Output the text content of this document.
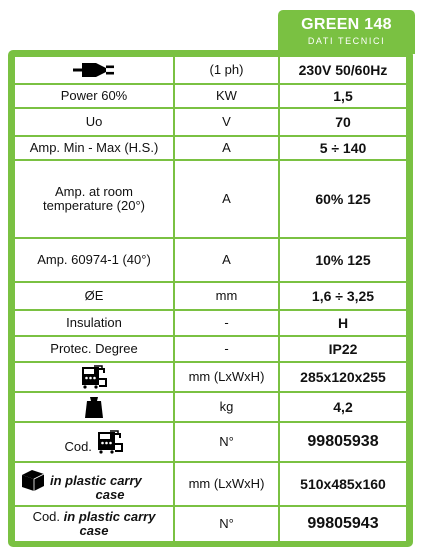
GREEN 148
DATI TECNICI
	(1 ph)	230V 50/60Hz
Power 60%	KW	1,5
Uo	V	70
Amp. Min - Max (H.S.)	A	5 ÷ 140

Amp. at room
temperature (20°)	A	60% 125
Amp. 60974-1 (40°)	A	10% 125
ØE	mm	1,6 ÷ 3,25
Insulation	-	H
Protec. Degree	-	IP22
	mm (LxWxH)	285x120x255
	kg	4,2
Cod.	N°	99805938

in plastic carry
case	mm (LxWxH)	510x485x160

Cod. in plastic carry
case	N°	99805943
